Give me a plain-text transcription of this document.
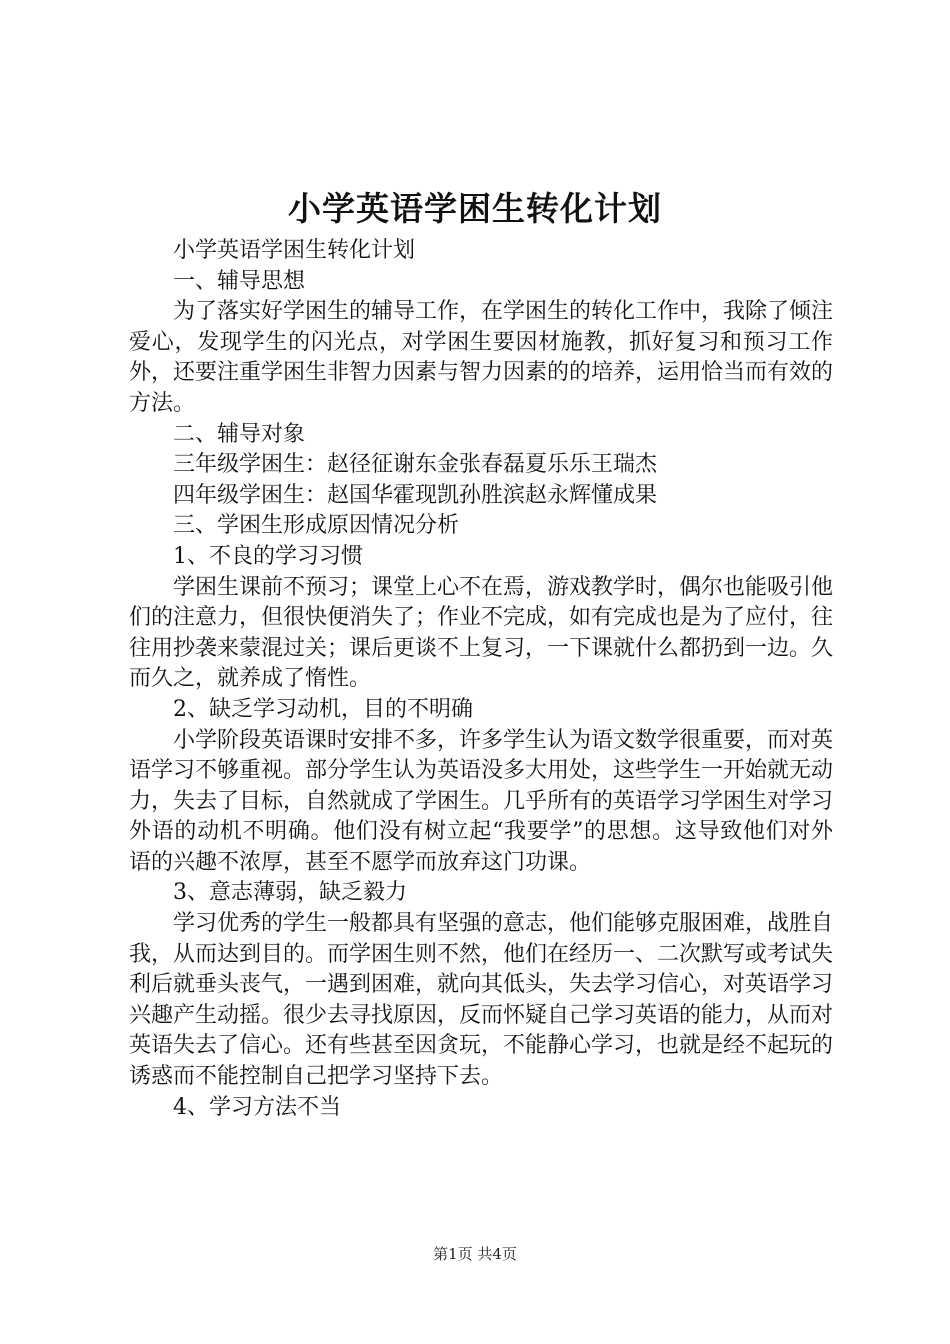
小学英语学困生转化计划

小学英语学困生转化计划

一、辅导思想

为了落实好学困生的辅导工作，在学困生的转化工作中，我除了倾注爱心，发现学生的闪光点，对学困生要因材施教，抓好复习和预习工作外，还要注重学困生非智力因素与智力因素的的培养，运用恰当而有效的方法。

二、辅导对象

三年级学困生：赵径征谢东金张春磊夏乐乐王瑞杰

四年级学困生：赵国华霍现凯孙胜滨赵永辉懂成果

三、学困生形成原因情况分析

1、不良的学习习惯

学困生课前不预习；课堂上心不在焉，游戏教学时，偶尔也能吸引他们的注意力，但很快便消失了；作业不完成，如有完成也是为了应付，往往用抄袭来蒙混过关；课后更谈不上复习，一下课就什么都扔到一边。久而久之，就养成了惰性。

2、缺乏学习动机，目的不明确

小学阶段英语课时安排不多，许多学生认为语文数学很重要，而对英语学习不够重视。部分学生认为英语没多大用处，这些学生一开始就无动力，失去了目标，自然就成了学困生。几乎所有的英语学习学困生对学习外语的动机不明确。他们没有树立起“我要学”的思想。这导致他们对外语的兴趣不浓厚，甚至不愿学而放弃这门功课。

3、意志薄弱，缺乏毅力

学习优秀的学生一般都具有坚强的意志，他们能够克服困难，战胜自我，从而达到目的。而学困生则不然，他们在经历一、二次默写或考试失利后就垂头丧气，一遇到困难，就向其低头，失去学习信心，对英语学习兴趣产生动摇。很少去寻找原因，反而怀疑自己学习英语的能力，从而对英语失去了信心。还有些甚至因贪玩，不能静心学习，也就是经不起玩的诱惑而不能控制自己把学习坚持下去。

4、学习方法不当

第1页 共4页
